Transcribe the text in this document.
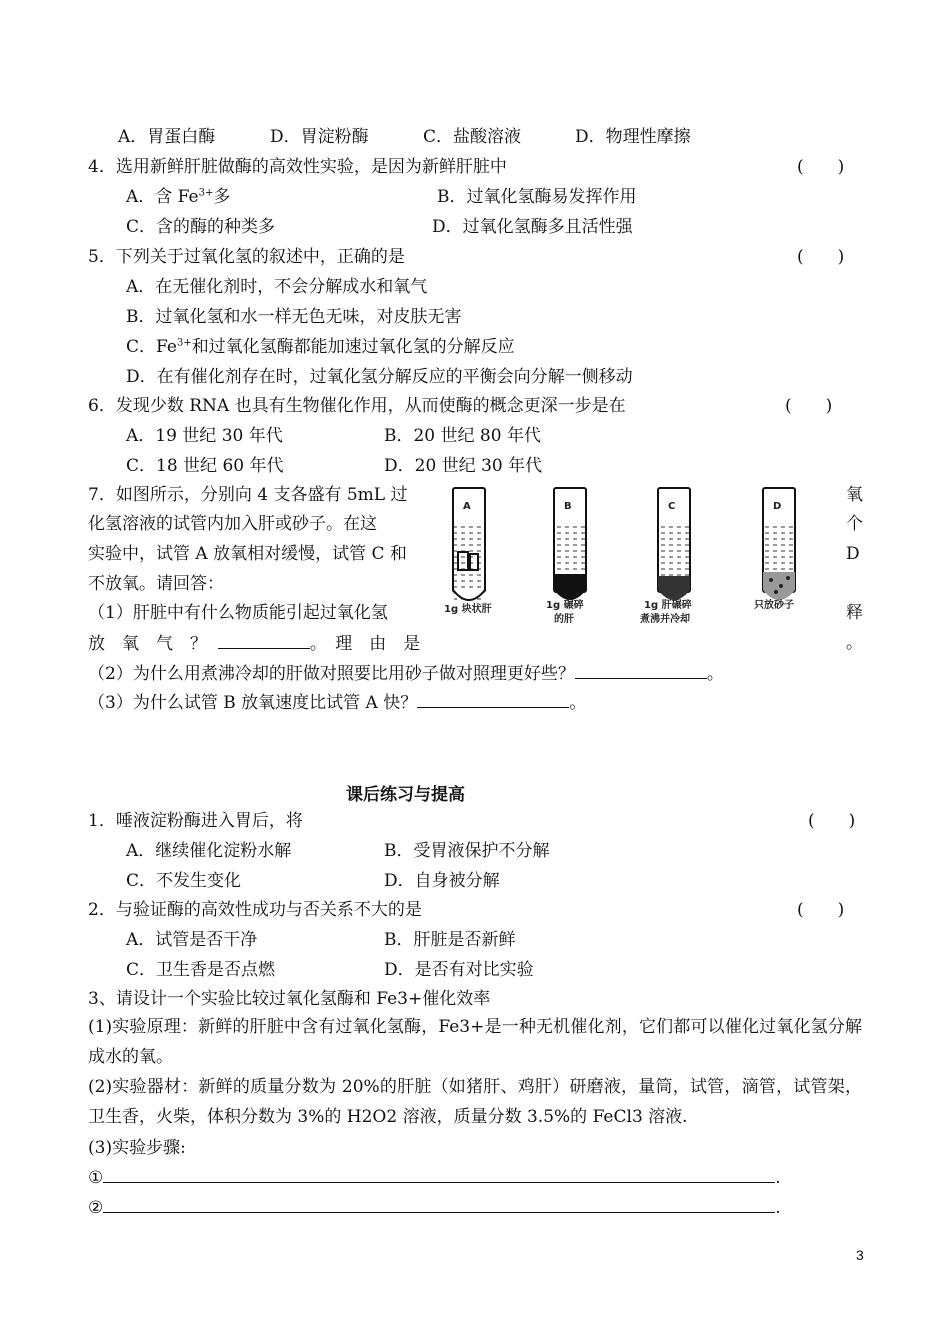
A．胃蛋白酶	D．胃淀粉酶	C．盐酸溶液	D．物理性摩擦
4．选用新鲜肝脏做酶的高效性实验，是因为新鲜肝脏中	(　　)
A．含 $Fe^{3+}$多	B．过氧化氢酶易发挥作用
C．含的酶的种类多	D．过氧化氢酶多且活性强
5．下列关于过氧化氢的叙述中，正确的是	(　　)
A．在无催化剂时，不会分解成水和氧气
B．过氧化氢和水一样无色无味，对皮肤无害
C．$Fe^{3+}$和过氧化氢酶都能加速过氧化氢的分解反应
D．在有催化剂存在时，过氧化氢分解反应的平衡会向分解一侧移动
6．发现少数 RNA 也具有生物催化作用，从而使酶的概念更深一步是在	(　　)
A．19 世纪 30 年代	B．20 世纪 80 年代
C．18 世纪 60 年代	D．20 世纪 30 年代
7．如图所示，分别向 4 支各盛有 5mL 过	氧
化氢溶液的试管内加入肝或砂子。在这	个
实验中，试管 A 放氧相对缓慢，试管 C 和	D
不放氧。请回答：
（1）肝脏中有什么物质能引起过氧化氢	释
放　氧　气　？	。　理　由　是	。
（2）为什么用煮沸冷却的肝做对照要比用砂子做对照理更好些？	。
（3）为什么试管 B 放氧速度比试管 A 快？	。
A
1g 块状肝
B
1g 碾碎
的肝
C
1g 肝碾碎
煮沸并冷却
D
只放砂子
课后练习与提高
1．唾液淀粉酶进入胃后，将	(　　)
A．继续催化淀粉水解	B．受胃液保护不分解
C．不发生变化	D．自身被分解
2．与验证酶的高效性成功与否关系不大的是	(　　)
A．试管是否干净	B．肝脏是否新鲜
C．卫生香是否点燃	D．是否有对比实验
3、请设计一个实验比较过氧化氢酶和 Fe3+催化效率
(1)实验原理：新鲜的肝脏中含有过氧化氢酶，Fe3+是一种无机催化剂，它们都可以催化过氧化氢分解成水的氧。
(2)实验器材：新鲜的质量分数为 20%的肝脏（如猪肝、鸡肝）研磨液，量筒，试管，滴管，试管架，卫生香，火柴，体积分数为 3%的 H2O2 溶液，质量分数 3.5%的 FeCl3 溶液.
(3)实验步骤:
①	.
②	.
3
